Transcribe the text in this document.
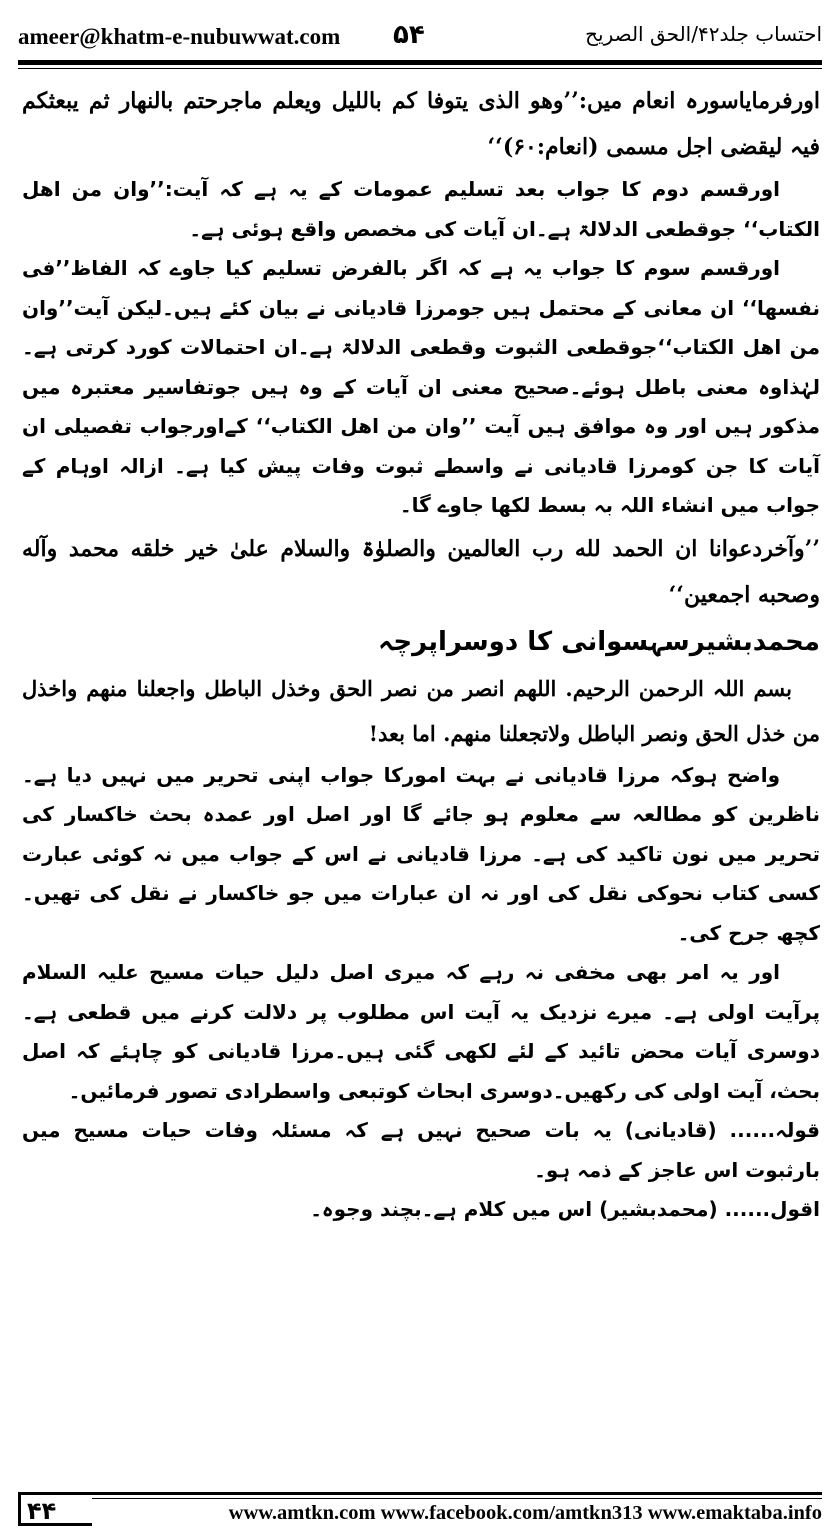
ameer@khatm-e-nubuwwat.com ۵۴	احتساب جلد۴۲/الحق الصریح

اورفرمایاسورہ انعام میں:’’وھو الذی یتوفا کم باللیل ویعلم ماجرحتم بالنھار ثم یبعثکم فیہ لیقضی اجل مسمی (انعام:۶۰)‘‘

اورقسم دوم کا جواب بعد تسلیم عمومات کے یہ ہے کہ آیت:’’وان من اھل الکتاب‘‘ جوقطعی الدلالۃ ہے۔ان آیات کی مخصص واقع ہوئی ہے۔

اورقسم سوم کا جواب یہ ہے کہ اگر بالفرض تسلیم کیا جاوے کہ الفاظ’’فی نفسھا‘‘ ان معانی کے محتمل ہیں جومرزا قادیانی نے بیان کئے ہیں۔لیکن آیت’’وان من اھل الکتاب‘‘جوقطعی الثبوت وقطعی الدلالۃ ہے۔ان احتمالات کورد کرتی ہے۔لہٰذاوہ معنی باطل ہوئے۔صحیح معنی ان آیات کے وہ ہیں جوتفاسیر معتبرہ میں مذکور ہیں اور وہ موافق ہیں آیت ’’وان من اھل الکتاب‘‘ کےاورجواب تفصیلی ان آیات کا جن کومرزا قادیانی نے واسطے ثبوت وفات پیش کیا ہے۔ ازالہ اوہام کے جواب میں انشاء اللہ بہ بسط لکھا جاوے گا۔

’’وآخردعوانا ان الحمد لله رب العالمین والصلوٰۃ والسلام علیٰ خیر خلقه محمد وآله وصحبه اجمعین‘‘

محمدبشیرسہسوانی کا دوسراپرچہ

بسم اللہ الرحمن الرحیم. اللھم انصر من نصر الحق وخذل الباطل واجعلنا منھم واخذل من خذل الحق ونصر الباطل ولاتجعلنا منھم. اما بعد!

واضح ہوکہ مرزا قادیانی نے بہت امورکا جواب اپنی تحریر میں نہیں دیا ہے۔ناظرین کو مطالعہ سے معلوم ہو جائے گا اور اصل اور عمدہ بحث خاکسار کی تحریر میں نون تاکید کی ہے۔ مرزا قادیانی نے اس کے جواب میں نہ کوئی عبارت کسی کتاب نحوکی نقل کی اور نہ ان عبارات میں جو خاکسار نے نقل کی تھیں۔کچھ جرح کی۔

اور یہ امر بھی مخفی نہ رہے کہ میری اصل دلیل حیات مسیح علیہ السلام پرآیت اولی ہے۔ میرے نزدیک یہ آیت اس مطلوب پر دلالت کرنے میں قطعی ہے۔دوسری آیات محض تائید کے لئے لکھی گئی ہیں۔مرزا قادیانی کو چاہئے کہ اصل بحث، آیت اولی کی رکھیں۔دوسری ابحاث کوتبعی واسطرادی تصور فرمائیں۔

قولہ...... (قادیانی) یہ بات صحیح نہیں ہے کہ مسئلہ وفات حیات مسیح میں بارثبوت اس عاجز کے ذمہ ہو۔

اقول...... (محمدبشیر) اس میں کلام ہے۔بچند وجوہ۔

۴۴	www.amtkn.com www.facebook.com/amtkn313 www.emaktaba.info
